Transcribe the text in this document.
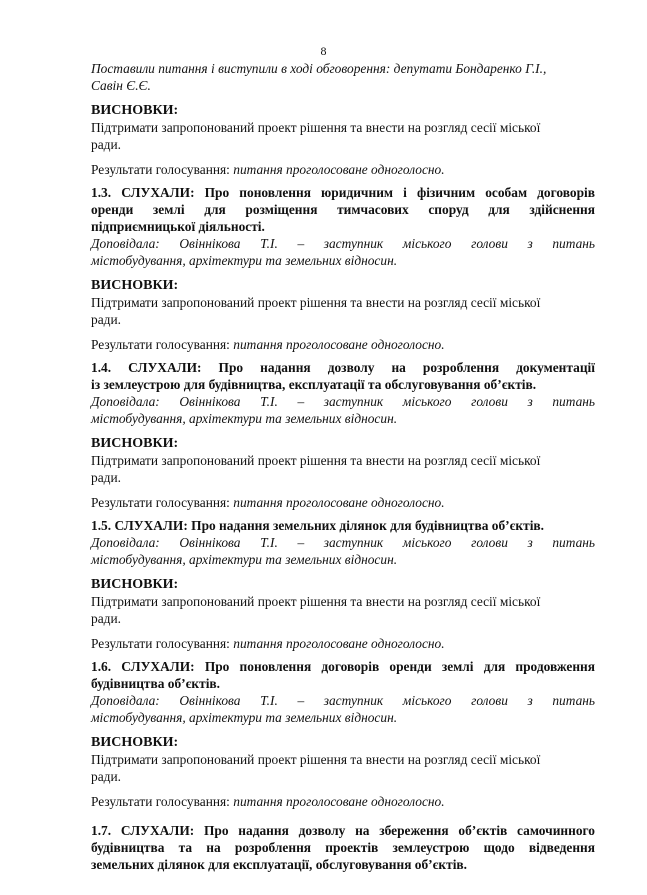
8

Поставили питання і виступили в ході обговорення: депутати Бондаренко Г.І.,

Савін Є.Є.

ВИСНОВКИ:

Підтримати запропонований проект рішення та внести на розгляд сесії міської

ради.

Результати голосування: питання проголосоване одноголосно.

1.3. СЛУХАЛИ: Про поновлення юридичним і фізичним особам договорів

оренди землі для розміщення тимчасових споруд для здійснення

підприємницької діяльності.

Доповідала: Овіннікова Т.І. – заступник міського голови з питань

містобудування, архітектури та земельних відносин.

ВИСНОВКИ:

Підтримати запропонований проект рішення та внести на розгляд сесії міської

ради.

Результати голосування: питання проголосоване одноголосно.

1.4. СЛУХАЛИ: Про надання дозволу на розроблення документації

із землеустрою для будівництва, експлуатації та обслуговування об’єктів.

Доповідала: Овіннікова Т.І. – заступник міського голови з питань

містобудування, архітектури та земельних відносин.

ВИСНОВКИ:

Підтримати запропонований проект рішення та внести на розгляд сесії міської

ради.

Результати голосування: питання проголосоване одноголосно.

1.5. СЛУХАЛИ: Про надання земельних ділянок для будівництва об’єктів.

Доповідала: Овіннікова Т.І. – заступник міського голови з питань

містобудування, архітектури та земельних відносин.

ВИСНОВКИ:

Підтримати запропонований проект рішення та внести на розгляд сесії міської

ради.

Результати голосування: питання проголосоване одноголосно.

1.6. СЛУХАЛИ: Про поновлення договорів оренди землі для продовження

будівництва об’єктів.

Доповідала: Овіннікова Т.І. – заступник міського голови з питань

містобудування, архітектури та земельних відносин.

ВИСНОВКИ:

Підтримати запропонований проект рішення та внести на розгляд сесії міської

ради.

Результати голосування: питання проголосоване одноголосно.

1.7. СЛУХАЛИ: Про надання дозволу на збереження об’єктів самочинного

будівництва та на розроблення проектів землеустрою щодо відведення

земельних ділянок для експлуатації, обслуговування об’єктів.
